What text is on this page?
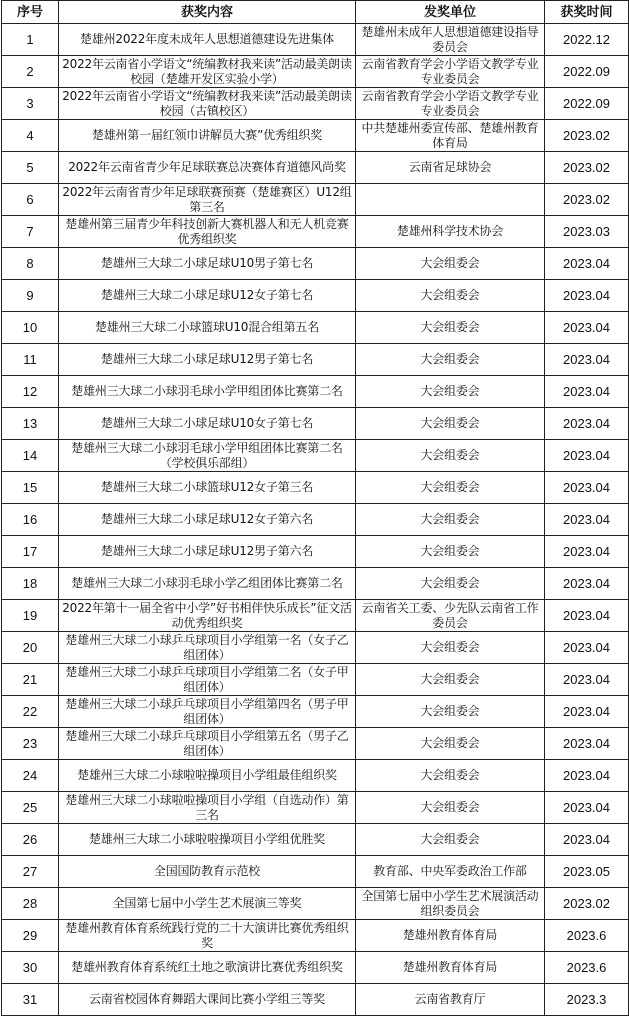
序号	获奖内容	发奖单位	获奖时间
1	楚雄州2022年度未成年人思想道德建设先进集体	楚雄州未成年人思想道德建设指导委员会	2022.12
2	2022年云南省小学语文“统编教材我来读”活动最美朗读校园（楚雄开发区实验小学）	云南省教育学会小学语文教学专业专业委员会	2022.09
3	2022年云南省小学语文“统编教材我来读”活动最美朗读校园（古镇校区）	云南省教育学会小学语文教学专业专业委员会	2022.09
4	楚雄州第一届红领巾讲解员大赛”优秀组织奖	中共楚雄州委宣传部、楚雄州教育体育局	2023.02
5	2022年云南省青少年足球联赛总决赛体育道德风尚奖	云南省足球协会	2023.02
6	2022年云南省青少年足球联赛预赛（楚雄赛区）U12组第三名		2023.02
7	楚雄州第三届青少年科技创新大赛机器人和无人机竞赛优秀组织奖	楚雄州科学技术协会	2023.03
8	楚雄州三大球二小球足球U10男子第七名	大会组委会	2023.04
9	楚雄州三大球二小球足球U12女子第七名	大会组委会	2023.04
10	楚雄州三大球二小球篮球U10混合组第五名	大会组委会	2023.04
11	楚雄州三大球二小球足球U12男子第七名	大会组委会	2023.04
12	楚雄州三大球二小球羽毛球小学甲组团体比赛第二名	大会组委会	2023.04
13	楚雄州三大球二小球足球U10女子第七名	大会组委会	2023.04
14	楚雄州三大球二小球羽毛球小学甲组团体比赛第二名（学校俱乐部组）	大会组委会	2023.04
15	楚雄州三大球二小球篮球U12女子第三名	大会组委会	2023.04
16	楚雄州三大球二小球足球U12女子第六名	大会组委会	2023.04
17	楚雄州三大球二小球足球U12男子第六名	大会组委会	2023.04
18	楚雄州三大球二小球羽毛球小学乙组团体比赛第二名	大会组委会	2023.04
19	2022年第十一届全省中小学”好书相伴快乐成长”征文活动优秀组织奖	云南省关工委、少先队云南省工作委员会	2023.04
20	楚雄州三大球二小球乒乓球项目小学组第一名（女子乙组团体）	大会组委会	2023.04
21	楚雄州三大球二小球乒乓球项目小学组第二名（女子甲组团体）	大会组委会	2023.04
22	楚雄州三大球二小球乒乓球项目小学组第四名（男子甲组团体）	大会组委会	2023.04
23	楚雄州三大球二小球乒乓球项目小学组第五名（男子乙组团体）	大会组委会	2023.04
24	楚雄州三大球二小球啦啦操项目小学组最佳组织奖	大会组委会	2023.04
25	楚雄州三大球二小球啦啦操项目小学组（自选动作）第三名	大会组委会	2023.04
26	楚雄州三大球二小球啦啦操项目小学组优胜奖	大会组委会	2023.04
27	全国国防教育示范校	教育部、中央军委政治工作部	2023.05
28	全国第七届中小学生艺术展演三等奖	全国第七届中小学生艺术展演活动组织委员会	2023.02
29	楚雄州教育体育系统践行党的二十大演讲比赛优秀组织奖	楚雄州教育体育局	2023.6
30	楚雄州教育体育系统红土地之歌演讲比赛优秀组织奖	楚雄州教育体育局	2023.6
31	云南省校园体育舞蹈大课间比赛小学组三等奖	云南省教育厅	2023.3
